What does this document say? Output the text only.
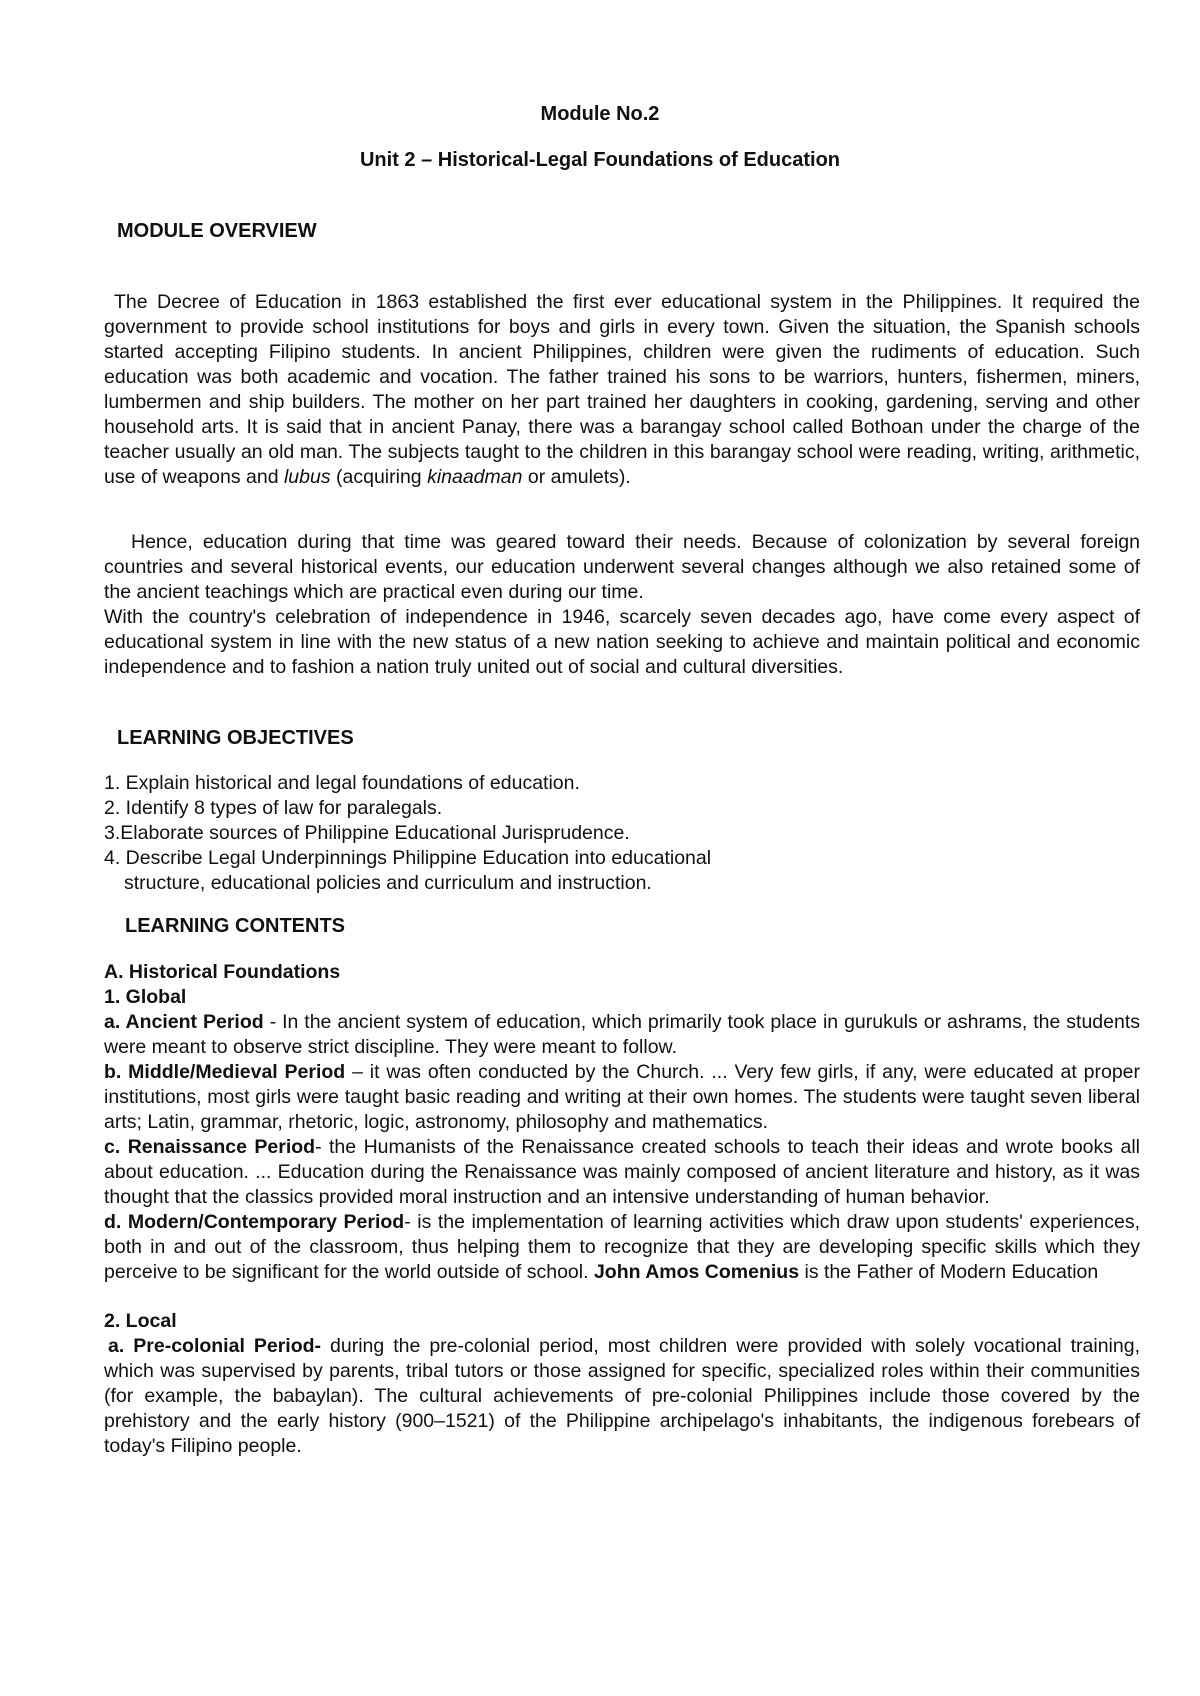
Module No.2
Unit 2 – Historical-Legal Foundations of Education
MODULE OVERVIEW

The Decree of Education in 1863 established the first ever educational system in the Philippines. It required the government to provide school institutions for boys and girls in every town. Given the situation, the Spanish schools started accepting Filipino students. In ancient Philippines, children were given the rudiments of education. Such education was both academic and vocation. The father trained his sons to be warriors, hunters, fishermen, miners, lumbermen and ship builders. The mother on her part trained her daughters in cooking, gardening, serving and other household arts. It is said that in ancient Panay, there was a barangay school called Bothoan under the charge of the teacher usually an old man. The subjects taught to the children in this barangay school were reading, writing, arithmetic, use of weapons and lubus (acquiring kinaadman or amulets).

Hence, education during that time was geared toward their needs. Because of colonization by several foreign countries and several historical events, our education underwent several changes although we also retained some of the ancient teachings which are practical even during our time.

With the country's celebration of independence in 1946, scarcely seven decades ago, have come every aspect of educational system in line with the new status of a new nation seeking to achieve and maintain political and economic independence and to fashion a nation truly united out of social and cultural diversities.

LEARNING OBJECTIVES

1. Explain historical and legal foundations of education.

2. Identify 8 types of law for paralegals.

3.Elaborate sources of Philippine Educational Jurisprudence.

4. Describe Legal Underpinnings Philippine Education into educational

structure, educational policies and curriculum and instruction.

LEARNING CONTENTS

A. Historical Foundations

1. Global

a. Ancient Period - In the ancient system of education, which primarily took place in gurukuls or ashrams, the students were meant to observe strict discipline. They were meant to follow.

b. Middle/Medieval Period – it was often conducted by the Church. ... Very few girls, if any, were educated at proper institutions, most girls were taught basic reading and writing at their own homes. The students were taught seven liberal arts; Latin, grammar, rhetoric, logic, astronomy, philosophy and mathematics.

c. Renaissance Period- the Humanists of the Renaissance created schools to teach their ideas and wrote books all about education. ... Education during the Renaissance was mainly composed of ancient literature and history, as it was thought that the classics provided moral instruction and an intensive understanding of human behavior.

d. Modern/Contemporary Period- is the implementation of learning activities which draw upon students' experiences, both in and out of the classroom, thus helping them to recognize that they are developing specific skills which they perceive to be significant for the world outside of school. John Amos Comenius is the Father of Modern Education

2. Local

a. Pre-colonial Period- during the pre-colonial period, most children were provided with solely vocational training, which was supervised by parents, tribal tutors or those assigned for specific, specialized roles within their communities (for example, the babaylan). The cultural achievements of pre-colonial Philippines include those covered by the prehistory and the early history (900–1521) of the Philippine archipelago's inhabitants, the indigenous forebears of today's Filipino people.
